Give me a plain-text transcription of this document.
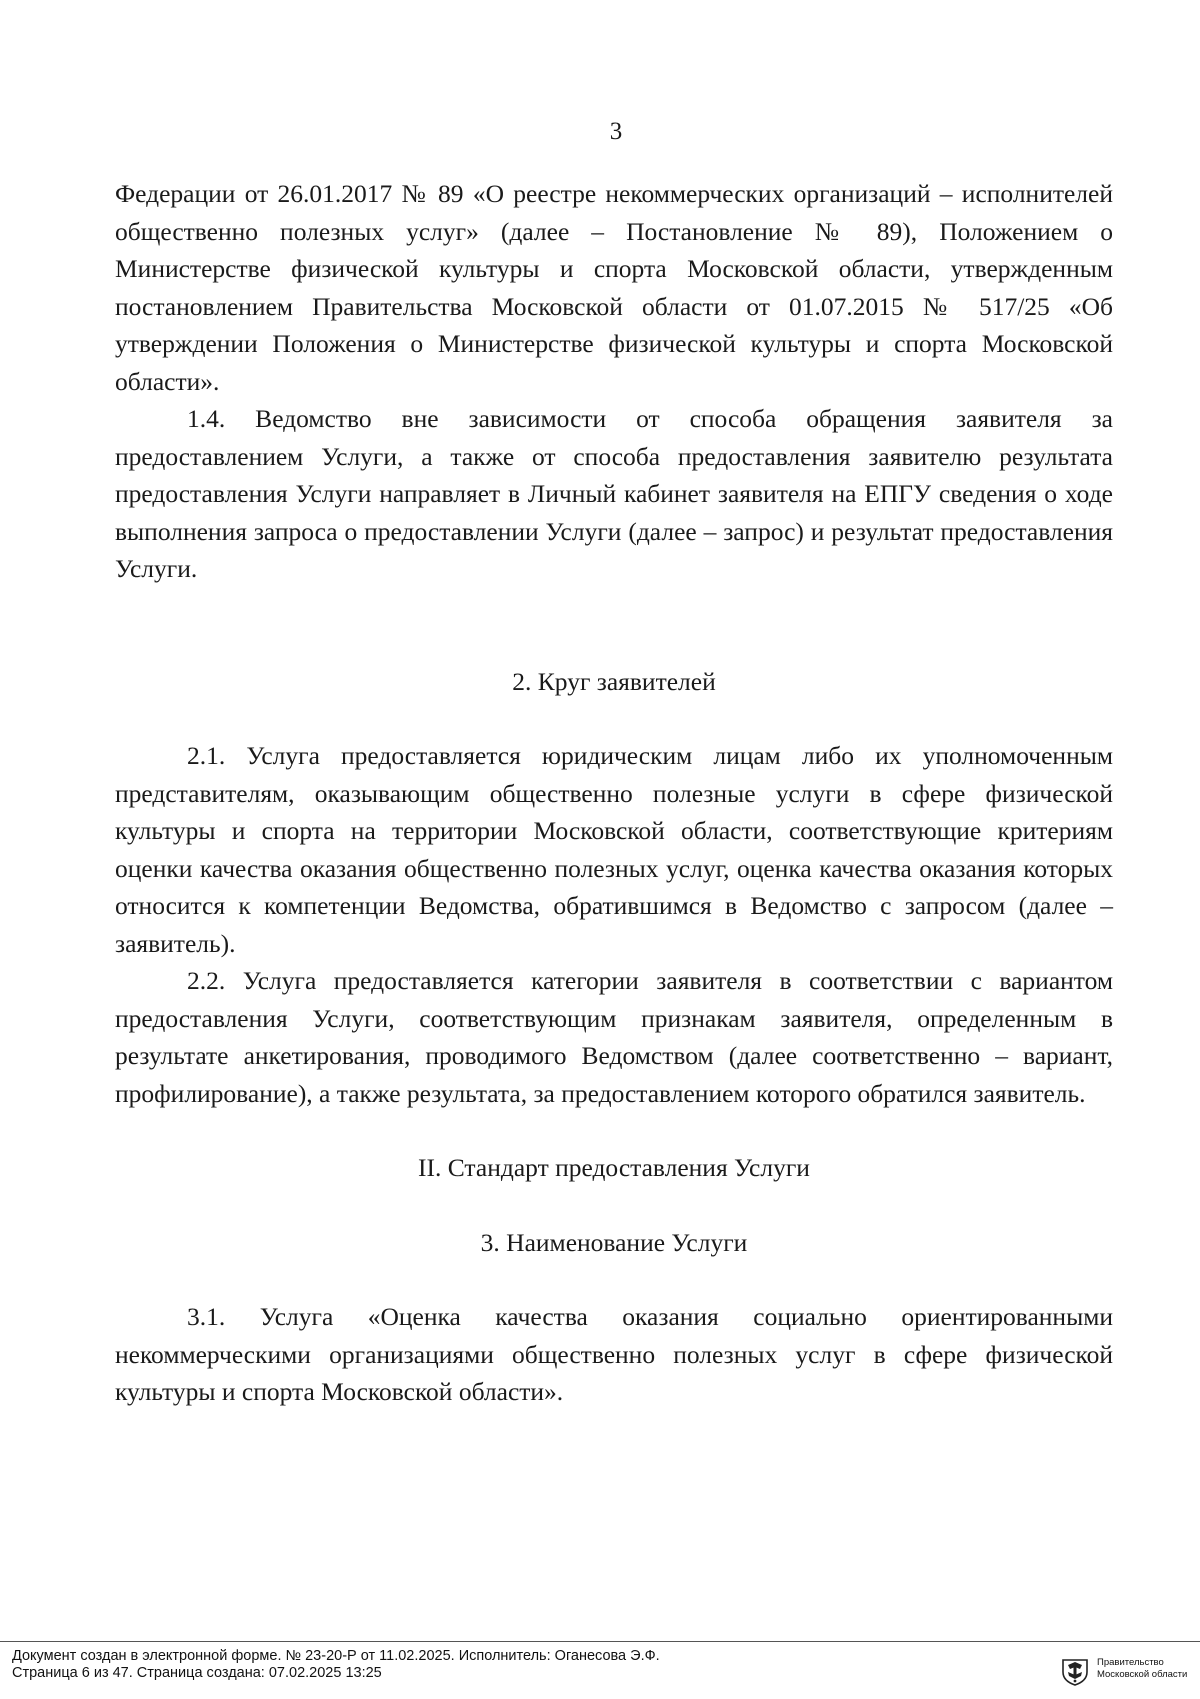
3

Федерации от 26.01.2017 № 89 «О реестре некоммерческих организаций – исполнителей общественно полезных услуг» (далее – Постановление № 89), Положением о Министерстве физической культуры и спорта Московской области, утвержденным постановлением Правительства Московской области от 01.07.2015 № 517/25 «Об утверждении Положения о Министерстве физической культуры и спорта Московской области».

1.4. Ведомство вне зависимости от способа обращения заявителя за предоставлением Услуги, а также от способа предоставления заявителю результата предоставления Услуги направляет в Личный кабинет заявителя на ЕПГУ сведения о ходе выполнения запроса о предоставлении Услуги (далее – запрос) и результат предоставления Услуги.

2. Круг заявителей

2.1. Услуга предоставляется юридическим лицам либо их уполномоченным представителям, оказывающим общественно полезные услуги в сфере физической культуры и спорта на территории Московской области, соответствующие критериям оценки качества оказания общественно полезных услуг, оценка качества оказания которых относится к компетенции Ведомства, обратившимся в Ведомство с запросом (далее – заявитель).

2.2. Услуга предоставляется категории заявителя в соответствии с вариантом предоставления Услуги, соответствующим признакам заявителя, определенным в результате анкетирования, проводимого Ведомством (далее соответственно – вариант, профилирование), а также результата, за предоставлением которого обратился заявитель.

II. Стандарт предоставления Услуги

3. Наименование Услуги

3.1. Услуга «Оценка качества оказания социально ориентированными некоммерческими организациями общественно полезных услуг в сфере физической культуры и спорта Московской области».

Документ создан в электронной форме. № 23-20-Р от 11.02.2025. Исполнитель: Оганесова Э.Ф.
Страница 6 из 47. Страница создана: 07.02.2025 13:25
Правительство
Московской области
